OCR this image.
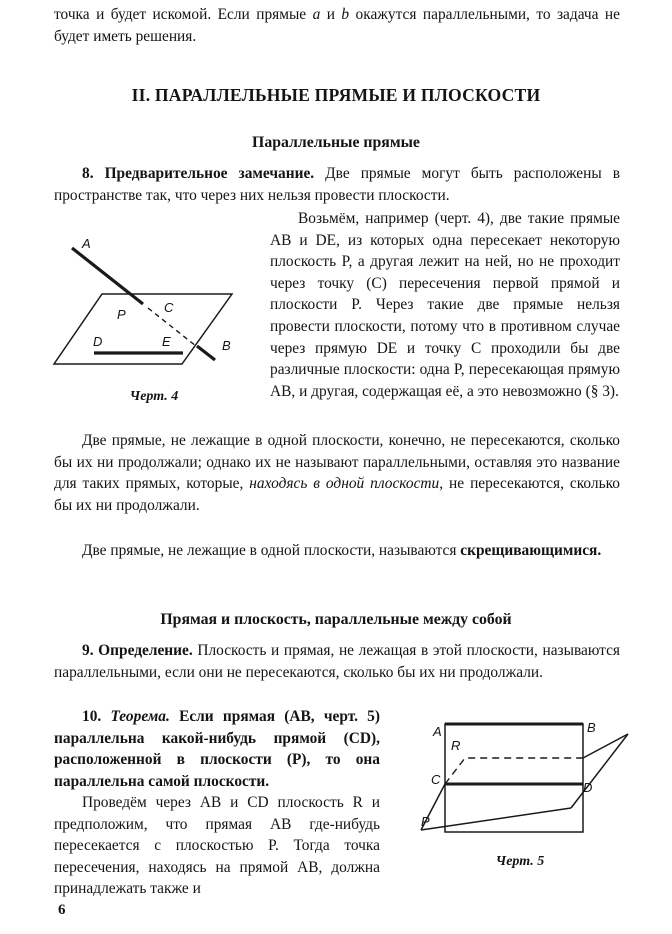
точка и будет искомой. Если прямые a и b окажутся параллельными, то задача не будет иметь решения.

II. ПАРАЛЛЕЛЬНЫЕ ПРЯМЫЕ И ПЛОСКОСТИ

Параллельные прямые

8. Предварительное замечание. Две прямые могут быть расположены в пространстве так, что через них нельзя провести плоскости.

Возьмём, например (черт. 4), две такие прямые AB и DE, из которых одна пересекает некоторую плоскость P, а другая лежит на ней, но не проходит через точку (C) пересечения первой прямой и плоскости P. Через такие две прямые нельзя провести плоскости, потому что в противном случае через прямую DE и точку C проходили бы две различные плоскости: одна P, пересекающая прямую AB, и другая, содержащая её, а это невозможно (§ 3).

A
P	C
D	E	B
Черт. 4

Две прямые, не лежащие в одной плоскости, конечно, не пересекаются, сколько бы их ни продолжали; однако их не называют параллельными, оставляя это название для таких прямых, которые, находясь в одной плоскости, не пересекаются, сколько бы их ни продолжали.

Две прямые, не лежащие в одной плоскости, называются скрещивающимися.

Прямая и плоскость, параллельные между собой

9. Определение. Плоскость и прямая, не лежащая в этой плоскости, называются параллельными, если они не пересекаются, сколько бы их ни продолжали.

10. Теорема. Если прямая (AB, черт. 5) параллельна какой-нибудь прямой (CD), расположенной в плоскости (P), то она параллельна самой плоскости.

Проведём через AB и CD плоскость R и предположим, что прямая AB где-нибудь пересекается с плоскостью P. Тогда точка пересечения, находясь на прямой AB, должна принадлежать также и

A
R
B
C
D
P
Черт. 5
6
